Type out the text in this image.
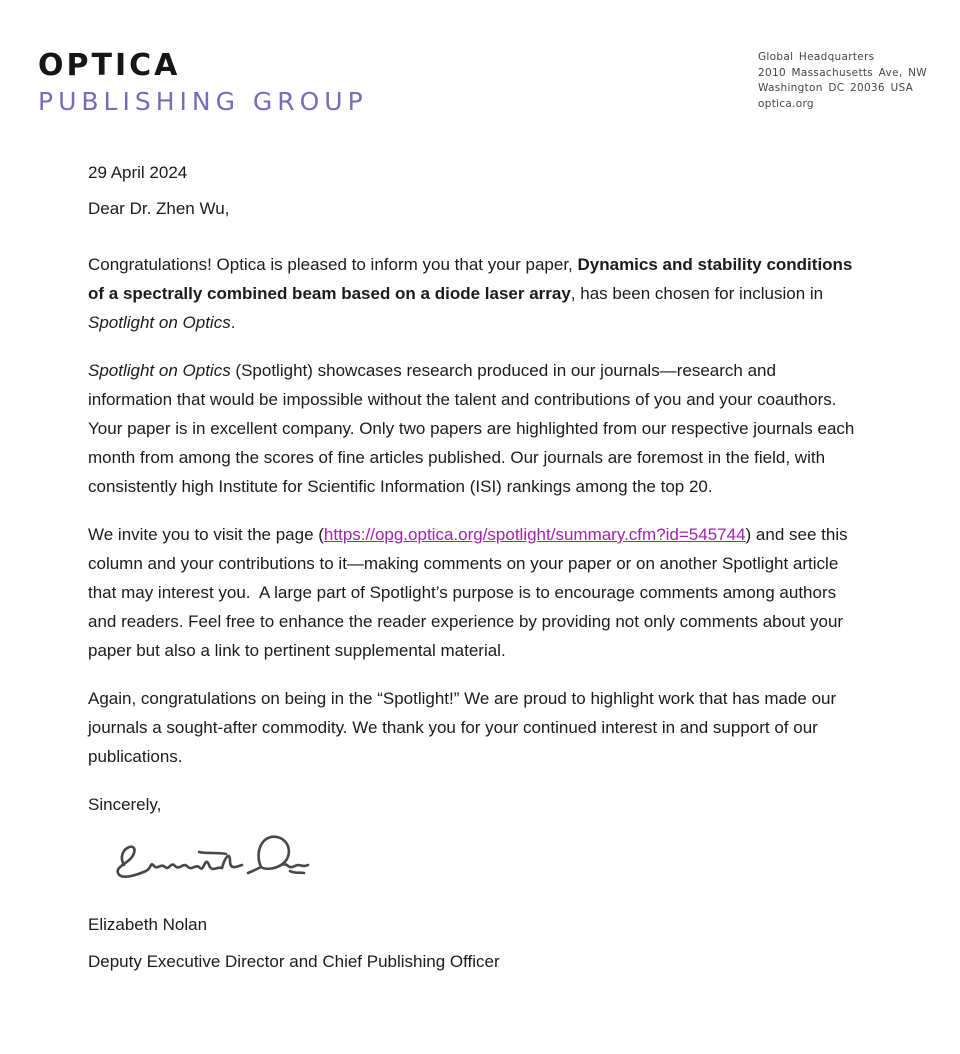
OPTICA
PUBLISHING GROUP
Global Headquarters
2010 Massachusetts Ave, NW
Washington DC 20036 USA
optica.org

29 April 2024

Dear Dr. Zhen Wu,

Congratulations! Optica is pleased to inform you that your paper, Dynamics and stability conditions of a spectrally combined beam based on a diode laser array, has been chosen for inclusion in Spotlight on Optics.

Spotlight on Optics (Spotlight) showcases research produced in our journals—research and information that would be impossible without the talent and contributions of you and your coauthors. Your paper is in excellent company. Only two papers are highlighted from our respective journals each month from among the scores of fine articles published. Our journals are foremost in the field, with consistently high Institute for Scientific Information (ISI) rankings among the top 20.

We invite you to visit the page (https://opg.optica.org/spotlight/summary.cfm?id=545744) and see this column and your contributions to it—making comments on your paper or on another Spotlight article that may interest you.  A large part of Spotlight’s purpose is to encourage comments among authors and readers. Feel free to enhance the reader experience by providing not only comments about your paper but also a link to pertinent supplemental material.

Again, congratulations on being in the “Spotlight!” We are proud to highlight work that has made our journals a sought-after commodity. We thank you for your continued interest in and support of our publications.

Sincerely,

Elizabeth Nolan

Deputy Executive Director and Chief Publishing Officer
